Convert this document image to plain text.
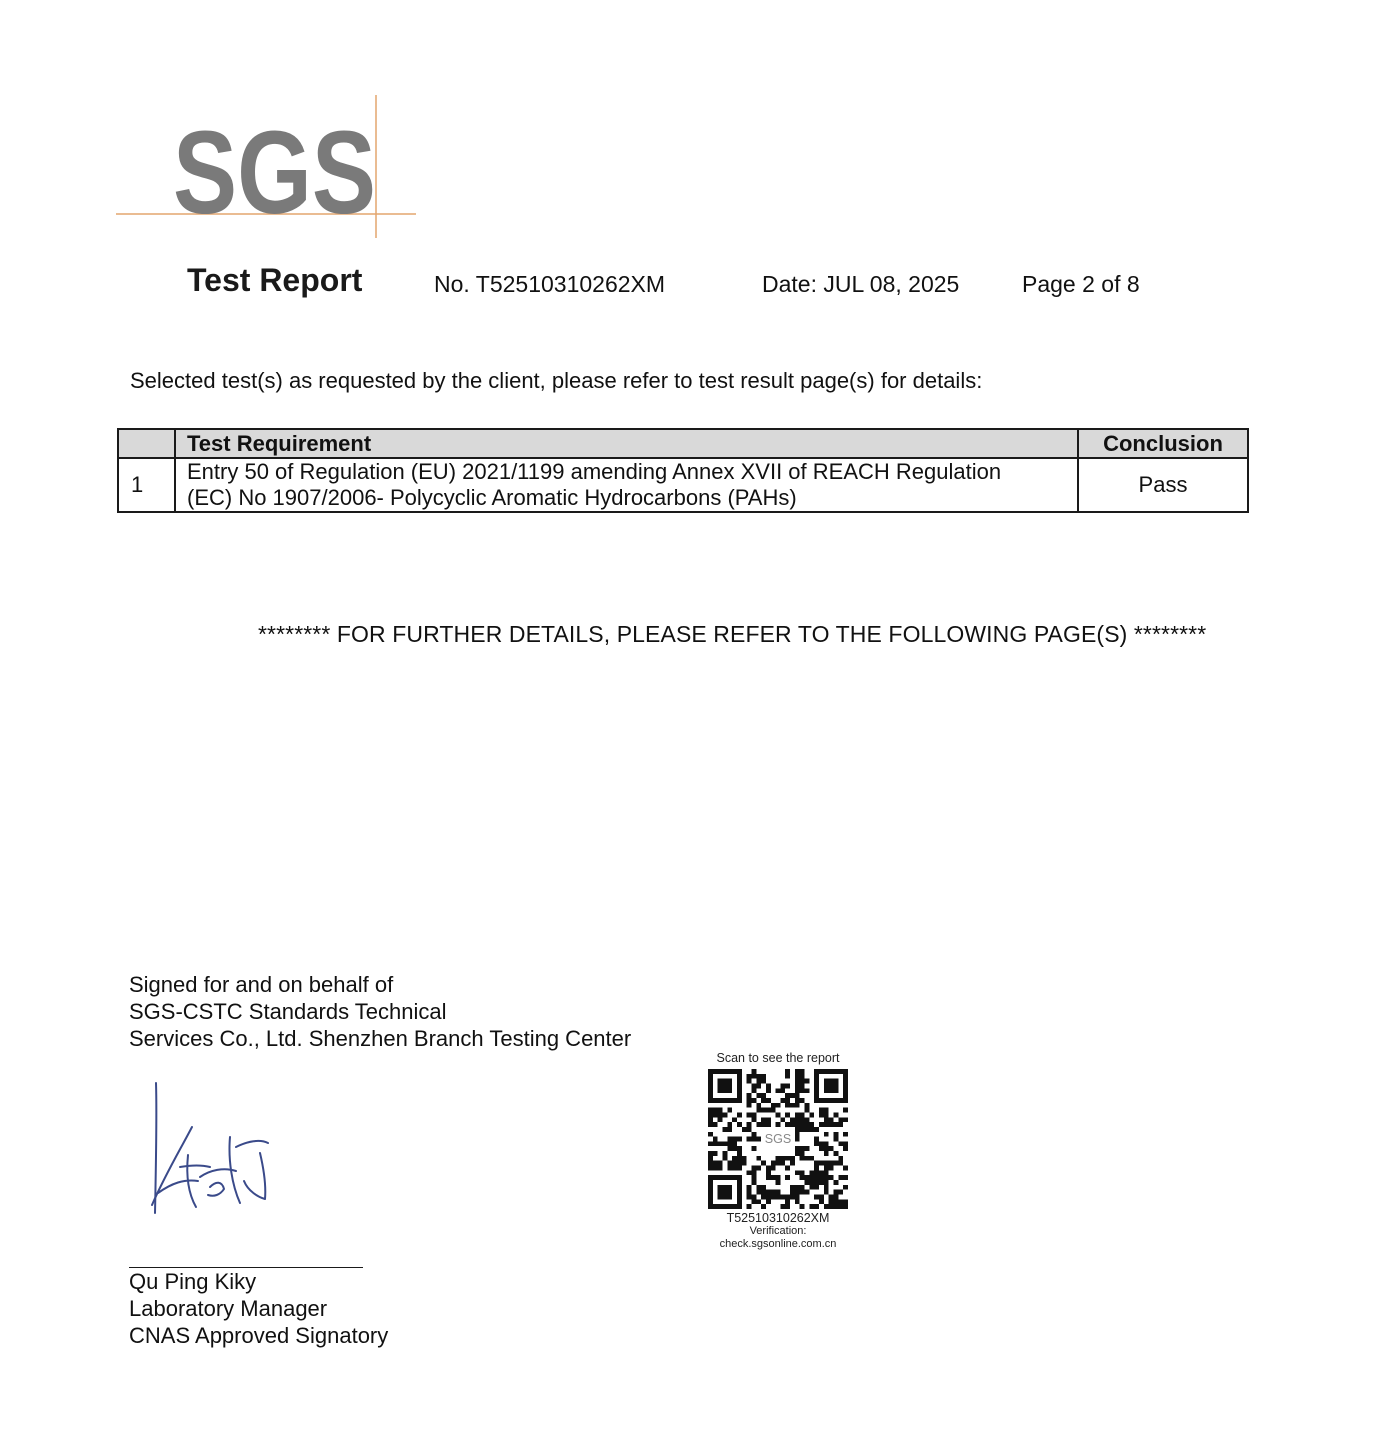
SGS
Test Report	No. T52510310262XM	Date: JUL 08, 2025	Page 2 of 8
Selected test(s) as requested by the client, please refer to test result page(s) for details:
	Test Requirement	Conclusion
1	Entry 50 of Regulation (EU) 2021/1199 amending Annex XVII of REACH Regulation
(EC) No 1907/2006- Polycyclic Aromatic Hydrocarbons (PAHs)	Pass
******** FOR FURTHER DETAILS, PLEASE REFER TO THE FOLLOWING PAGE(S) ********
Signed for and on behalf of
SGS-CSTC Standards Technical
Services Co., Ltd. Shenzhen Branch Testing Center
Qu Ping Kiky
Laboratory Manager
CNAS Approved Signatory
Scan to see the report
SGS
T52510310262XM
Verification:
check.sgsonline.com.cn
